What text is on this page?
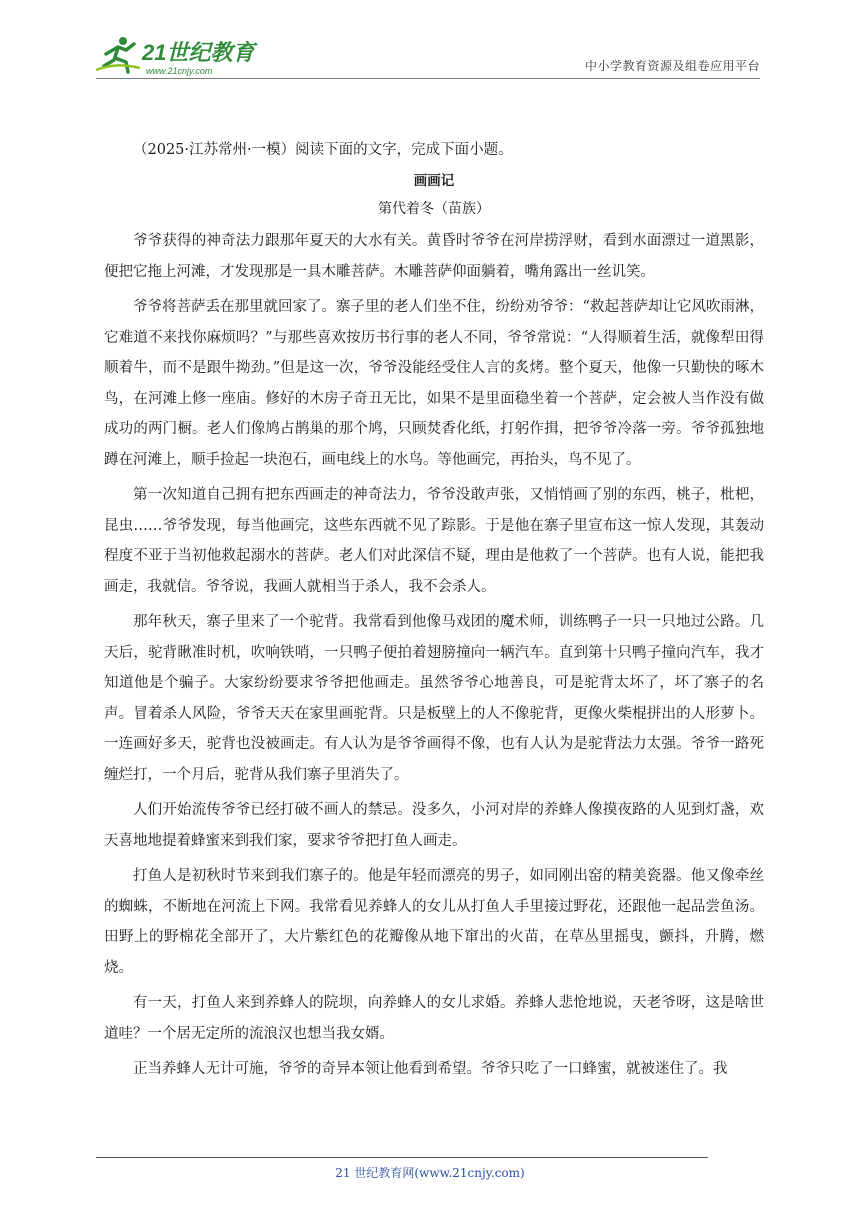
21世纪教育
www.21cnjy.com	中小学教育资源及组卷应用平台

（2025·江苏常州·一模）阅读下面的文字，完成下面小题。

画画记

第代着冬（苗族）

爷爷获得的神奇法力跟那年夏天的大水有关。黄昏时爷爷在河岸捞浮财，看到水面漂过一道黑影，便把它拖上河滩，才发现那是一具木雕菩萨。木雕菩萨仰面躺着，嘴角露出一丝讥笑。

爷爷将菩萨丢在那里就回家了。寨子里的老人们坐不住，纷纷劝爷爷：“救起菩萨却让它风吹雨淋，它难道不来找你麻烦吗？”与那些喜欢按历书行事的老人不同，爷爷常说：“人得顺着生活，就像犁田得顺着牛，而不是跟牛拗劲。”但是这一次，爷爷没能经受住人言的炙烤。整个夏天，他像一只勤快的啄木鸟，在河滩上修一座庙。修好的木房子奇丑无比，如果不是里面稳坐着一个菩萨，定会被人当作没有做成功的两门橱。老人们像鸠占鹊巢的那个鸠，只顾焚香化纸，打躬作揖，把爷爷冷落一旁。爷爷孤独地蹲在河滩上，顺手捡起一块泡石，画电线上的水鸟。等他画完，再抬头，鸟不见了。

第一次知道自己拥有把东西画走的神奇法力，爷爷没敢声张，又悄悄画了别的东西，桃子，枇杷，昆虫……爷爷发现，每当他画完，这些东西就不见了踪影。于是他在寨子里宣布这一惊人发现，其轰动程度不亚于当初他救起溺水的菩萨。老人们对此深信不疑，理由是他救了一个菩萨。也有人说，能把我画走，我就信。爷爷说，我画人就相当于杀人，我不会杀人。

那年秋天，寨子里来了一个驼背。我常看到他像马戏团的魔术师，训练鸭子一只一只地过公路。几天后，驼背瞅准时机，吹响铁哨，一只鸭子便拍着翅膀撞向一辆汽车。直到第十只鸭子撞向汽车，我才知道他是个骗子。大家纷纷要求爷爷把他画走。虽然爷爷心地善良，可是驼背太坏了，坏了寨子的名声。冒着杀人风险，爷爷天天在家里画驼背。只是板壁上的人不像驼背，更像火柴棍拼出的人形萝卜。一连画好多天，驼背也没被画走。有人认为是爷爷画得不像，也有人认为是驼背法力太强。爷爷一路死缠烂打，一个月后，驼背从我们寨子里消失了。

人们开始流传爷爷已经打破不画人的禁忌。没多久，小河对岸的养蜂人像摸夜路的人见到灯盏，欢天喜地地提着蜂蜜来到我们家，要求爷爷把打鱼人画走。

打鱼人是初秋时节来到我们寨子的。他是年轻而漂亮的男子，如同刚出窑的精美瓷器。他又像牵丝的蜘蛛，不断地在河流上下网。我常看见养蜂人的女儿从打鱼人手里接过野花，还跟他一起品尝鱼汤。田野上的野棉花全部开了，大片紫红色的花瓣像从地下窜出的火苗，在草丛里摇曳，颤抖，升腾，燃烧。

有一天，打鱼人来到养蜂人的院坝，向养蜂人的女儿求婚。养蜂人悲怆地说，天老爷呀，这是啥世道哇？一个居无定所的流浪汉也想当我女婿。

正当养蜂人无计可施，爷爷的奇异本领让他看到希望。爷爷只吃了一口蜂蜜，就被迷住了。我

21 世纪教育网(www.21cnjy.com)
